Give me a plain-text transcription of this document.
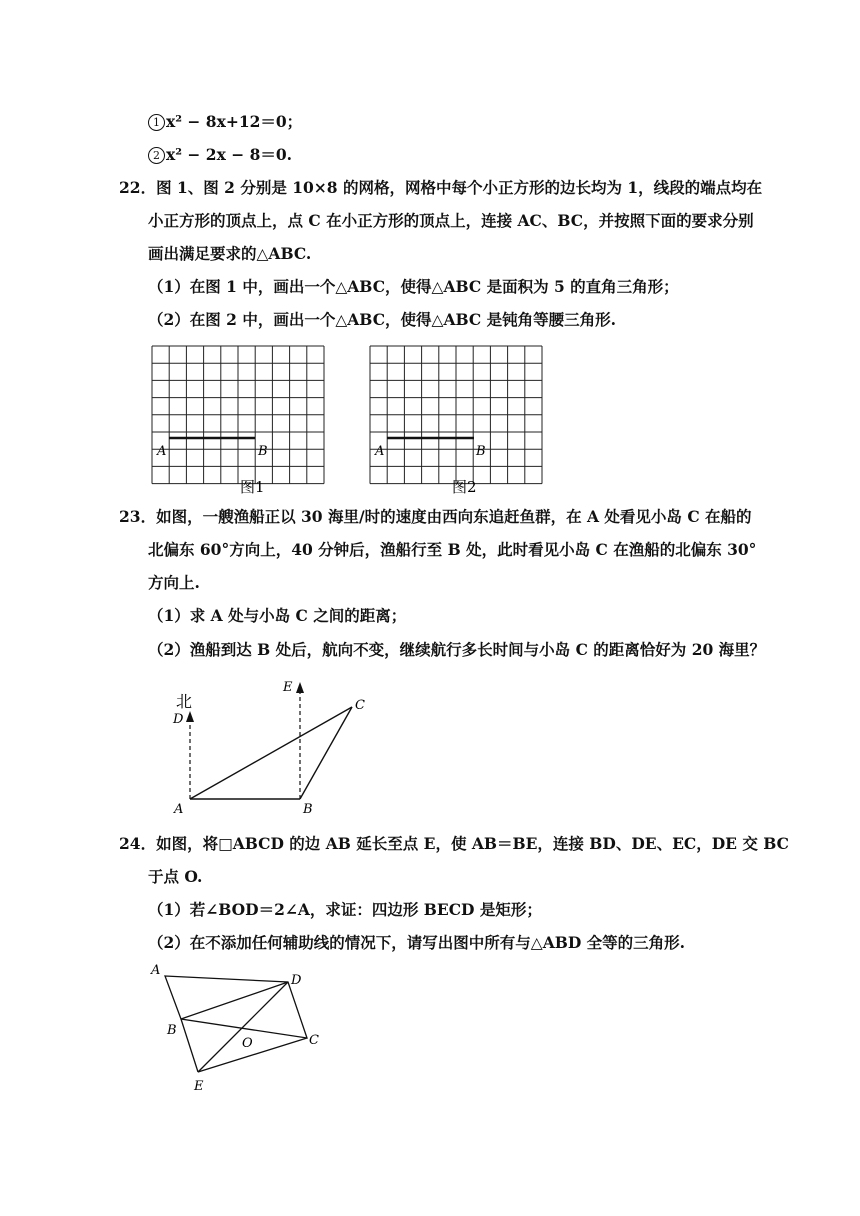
1 x² − 8x+12＝0；
2 x² − 2x − 8＝0.
22．图 1、图 2 分别是 10×8 的网格，网格中每个小正方形的边长均为 1，线段的端点均在
小正方形的顶点上，点 C 在小正方形的顶点上，连接 AC、BC，并按照下面的要求分别
画出满足要求的△ABC.
（1）在图 1 中，画出一个△ABC，使得△ABC 是面积为 5 的直角三角形；
（2）在图 2 中，画出一个△ABC，使得△ABC 是钝角等腰三角形.
A	B
图1
A	B
图2
23．如图，一艘渔船正以 30 海里/时的速度由西向东追赶鱼群，在 A 处看见小岛 C 在船的
北偏东 60°方向上，40 分钟后，渔船行至 B 处，此时看见小岛 C 在渔船的北偏东 30°
方向上.
（1）求 A 处与小岛 C 之间的距离；
（2）渔船到达 B 处后，航向不变，继续航行多长时间与小岛 C 的距离恰好为 20 海里？
北
D
E
C
A	B
24．如图，将□ABCD 的边 AB 延长至点 E，使 AB＝BE，连接 BD、DE、EC，DE 交 BC
于点 O.
（1）若∠BOD＝2∠A，求证：四边形 BECD 是矩形；
（2）在不添加任何辅助线的情况下，请写出图中所有与△ABD 全等的三角形.
A
D
B
O	C
E
